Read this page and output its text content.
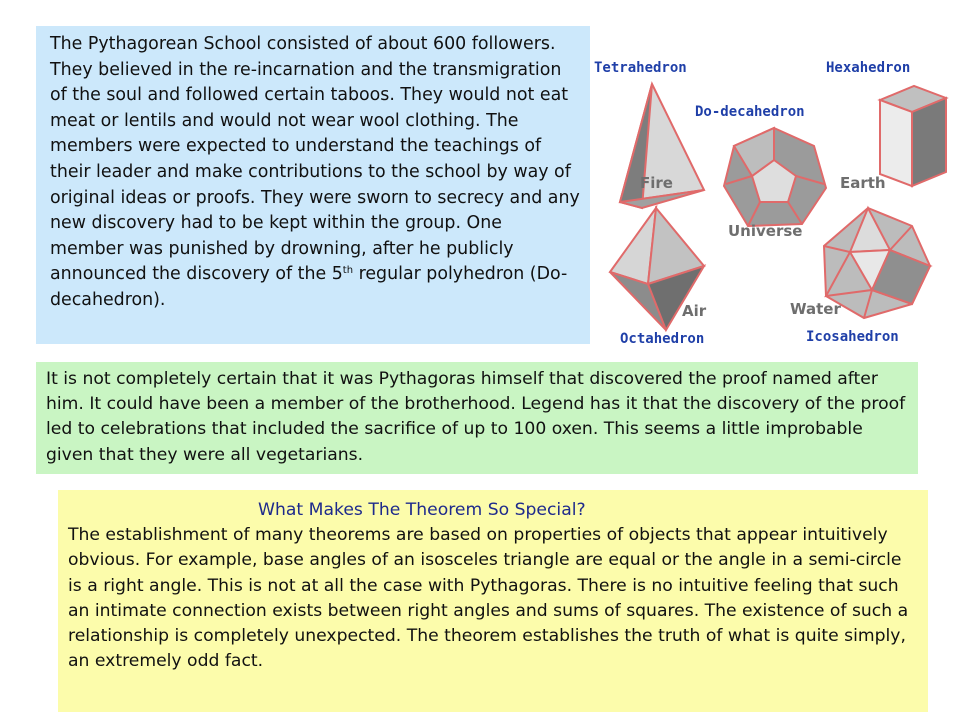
The Pythagorean School consisted of about 600 followers. They believed in the re-incarnation and the transmigration of the soul and followed certain taboos. They would not eat meat or lentils and would not wear wool clothing. The members were expected to understand the teachings of their leader and make contributions to the school by way of original ideas or proofs. They were sworn to secrecy and any new discovery had to be kept within the group. One member was punished by drowning, after he publicly announced the discovery of the 5th regular polyhedron (Do-decahedron).
Tetrahedron	Hexahedron
Do-decahedron
Octahedron	Icosahedron
Fire	Earth
Universe
Air	Water
It is not completely certain that it was Pythagoras himself that discovered the proof named after him. It could have been a member of the brotherhood. Legend has it that the discovery of the proof led to celebrations that included the sacrifice of up to 100 oxen. This seems a little improbable given that they were all vegetarians.
What Makes The Theorem So Special?
The establishment of many theorems are based on properties of objects that appear intuitively obvious. For example, base angles of an isosceles triangle are equal or the angle in a semi-circle is a right angle. This is not at all the case with Pythagoras. There is no intuitive feeling that such an intimate connection exists between right angles and sums of squares. The existence of such a relationship is completely unexpected. The theorem establishes the truth of what is quite simply, an extremely odd fact.
